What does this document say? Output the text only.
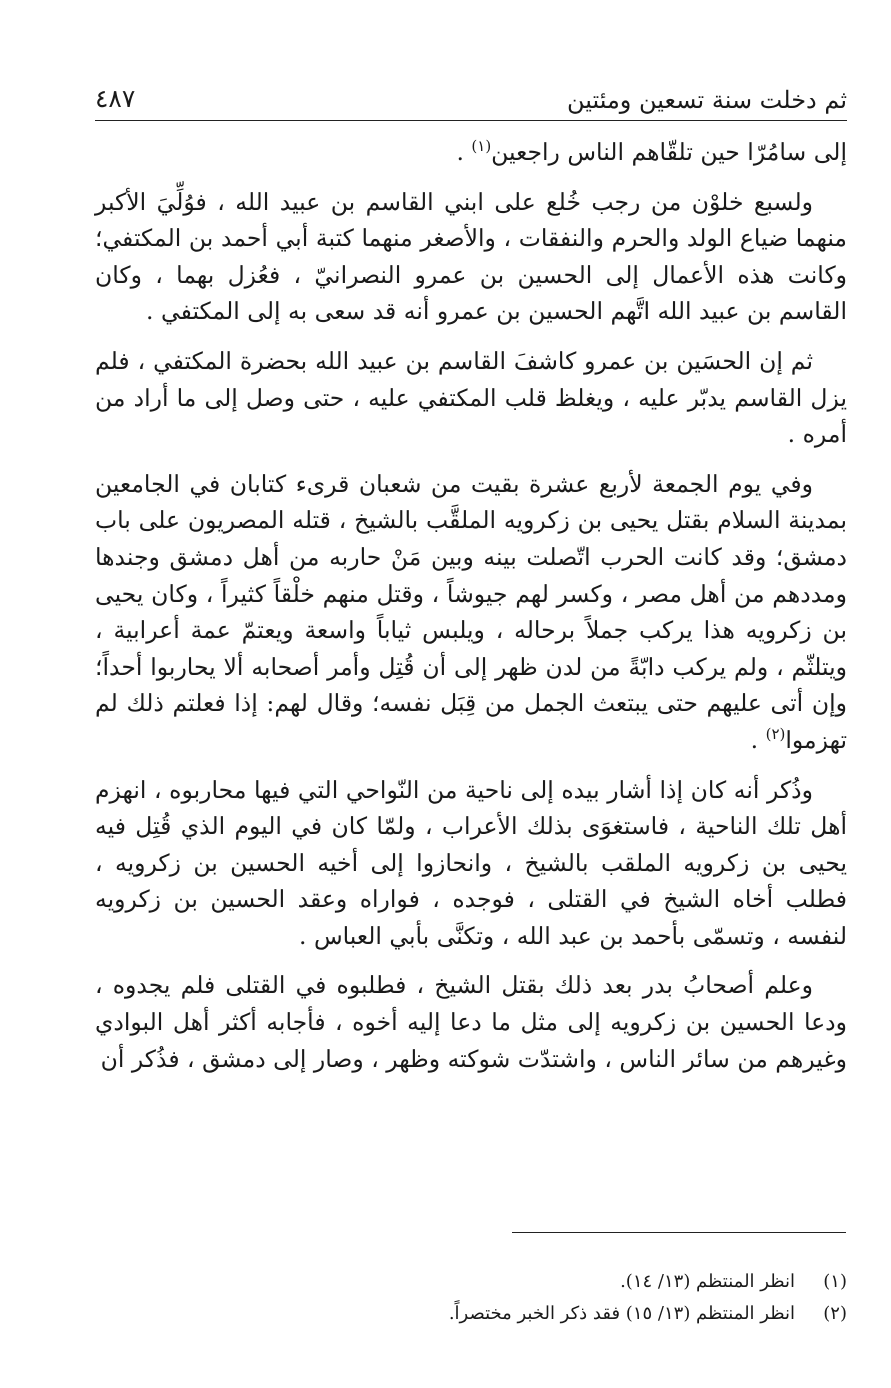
ثم دخلت سنة تسعين ومئتين
٤٨٧

إلى سامُرّا حين تلقّاهم الناس راجعين$^{(١)}$ .

ولسبع خلوْن من رجب خُلع على ابني القاسم بن عبيد الله ، فوُلِّيَ الأكبر منهما ضياع الولد والحرم والنفقات ، والأصغر منهما كتبة أبي أحمد بن المكتفي؛ وكانت هذه الأعمال إلى الحسين بن عمرو النصرانيّ ، فعُزل بهما ، وكان القاسم بن عبيد الله اتَّهم الحسين بن عمرو أنه قد سعى به إلى المكتفي .

ثم إن الحسَين بن عمرو كاشفَ القاسم بن عبيد الله بحضرة المكتفي ، فلم يزل القاسم يدبّر عليه ، ويغلظ قلب المكتفي عليه ، حتى وصل إلى ما أراد من أمره .

وفي يوم الجمعة لأربع عشرة بقيت من شعبان قرىء كتابان في الجامعين بمدينة السلام بقتل يحيى بن زكرويه الملقَّب بالشيخ ، قتله المصريون على باب دمشق؛ وقد كانت الحرب اتّصلت بينه وبين مَنْ حاربه من أهل دمشق وجندها ومددهم من أهل مصر ، وكسر لهم جيوشاً ، وقتل منهم خلْقاً كثيراً ، وكان يحيى بن زكرويه هذا يركب جملاً برحاله ، ويلبس ثياباً واسعة ويعتمّ عمة أعرابية ، ويتلثّم ، ولم يركب دابّةً من لدن ظهر إلى أن قُتِل وأمر أصحابه ألا يحاربوا أحداً؛ وإن أتى عليهم حتى يبتعث الجمل من قِبَل نفسه؛ وقال لهم: إذا فعلتم ذلك لم تهزموا$^{(٢)}$ .

وذُكر أنه كان إذا أشار بيده إلى ناحية من النّواحي التي فيها محاربوه ، انهزم أهل تلك الناحية ، فاستغوَى بذلك الأعراب ، ولمّا كان في اليوم الذي قُتِل فيه يحيى بن زكرويه الملقب بالشيخ ، وانحازوا إلى أخيه الحسين بن زكرويه ، فطلب أخاه الشيخ في القتلى ، فوجده ، فواراه وعقد الحسين بن زكرويه لنفسه ، وتسمّى بأحمد بن عبد الله ، وتكنَّى بأبي العباس .

وعلم أصحابُ بدر بعد ذلك بقتل الشيخ ، فطلبوه في القتلى فلم يجدوه ، ودعا الحسين بن زكرويه إلى مثل ما دعا إليه أخوه ، فأجابه أكثر أهل البوادي وغيرهم من سائر الناس ، واشتدّت شوكته وظهر ، وصار إلى دمشق ، فذُكر أن

(١)
انظر المنتظم (١٣/ ١٤).
(٢)
انظر المنتظم (١٣/ ١٥) فقد ذكر الخبر مختصراً.
